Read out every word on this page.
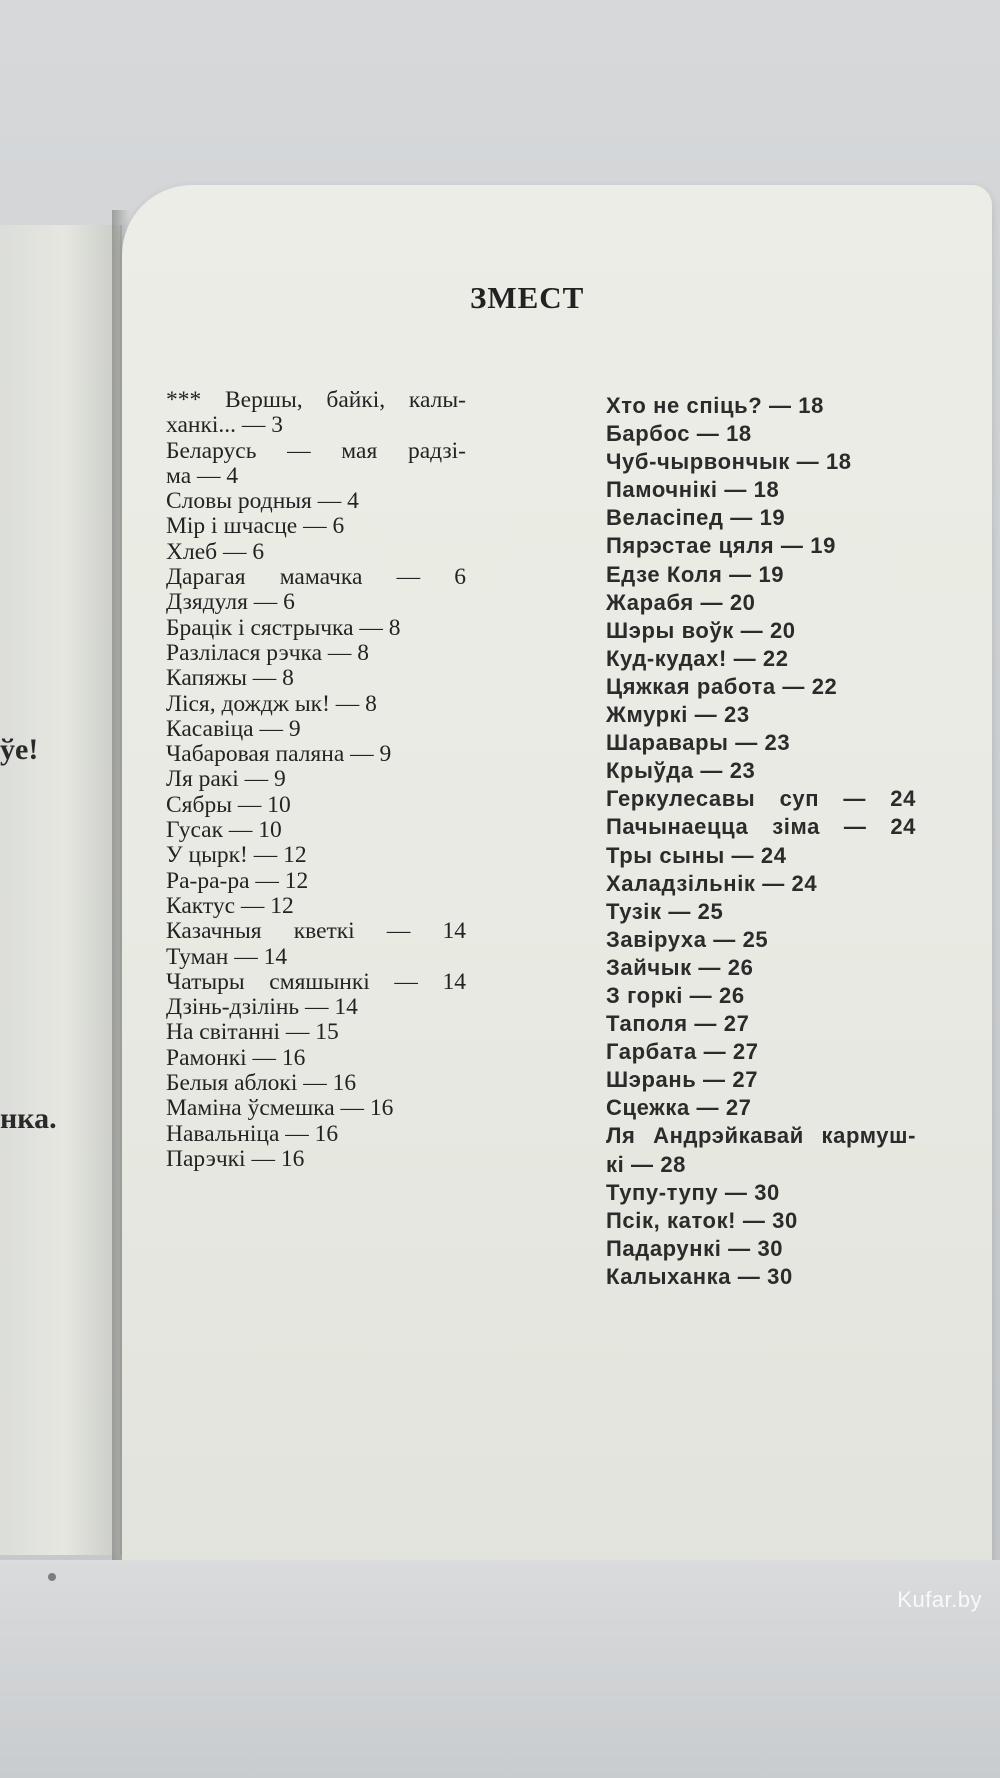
ўе!
нка.
ЗМЕСТ
*** Вершы, байкі, калы-
ханкі... — 3
Беларусь — мая радзі-
ма — 4
Словы родныя — 4
Мір і шчасце — 6
Хлеб — 6
Дарагая мамачка — 6
Дзядуля — 6
Брацік і сястрычка — 8
Разлілася рэчка — 8
Капяжы — 8
Ліся, дождж ык! — 8
Касавіца — 9
Чабаровая паляна — 9
Ля ракі — 9
Сябры — 10
Гусак — 10
У цырк! — 12
Ра-ра-ра — 12
Кактус — 12
Казачныя кветкі — 14
Туман — 14
Чатыры смяшынкі — 14
Дзінь-дзілінь — 14
На світанні — 15
Рамонкі — 16
Белыя аблокі — 16
Маміна ўсмешка — 16
Навальніца — 16
Парэчкі — 16
Хто не спіць? — 18
Барбос — 18
Чуб-чырвончык — 18
Памочнікі — 18
Веласіпед — 19
Пярэстае цяля — 19
Едзе Коля — 19
Жарабя — 20
Шэры воўк — 20
Куд-кудах! — 22
Цяжкая работа — 22
Жмуркі — 23
Шаравары — 23
Крыўда — 23
Геркулесавы суп — 24
Пачынаецца зіма — 24
Тры сыны — 24
Халадзільнік — 24
Тузік — 25
Завіруха — 25
Зайчык — 26
З горкі — 26
Таполя — 27
Гарбата — 27
Шэрань — 27
Сцежка — 27
Ля Андрэйкавай кармуш-
кі — 28
Тупу-тупу — 30
Псік, каток! — 30
Падарункі — 30
Калыханка — 30
Kufar.by
